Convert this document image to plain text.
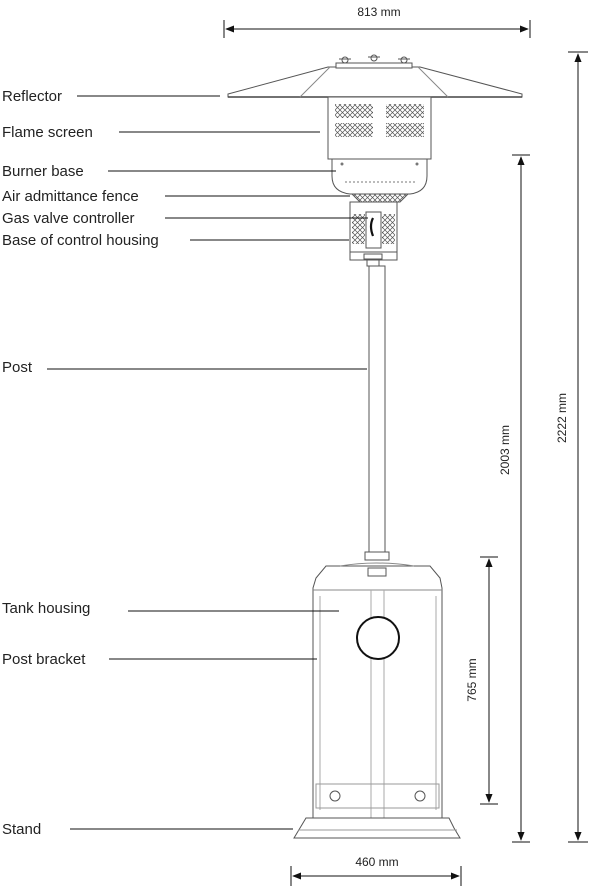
Reflector
Flame screen
Burner base
Air admittance fence
Gas valve controller
Base of control housing
Post
Tank housing
Post bracket
Stand
813 mm
2222 mm
2003 mm
765 mm
460 mm
